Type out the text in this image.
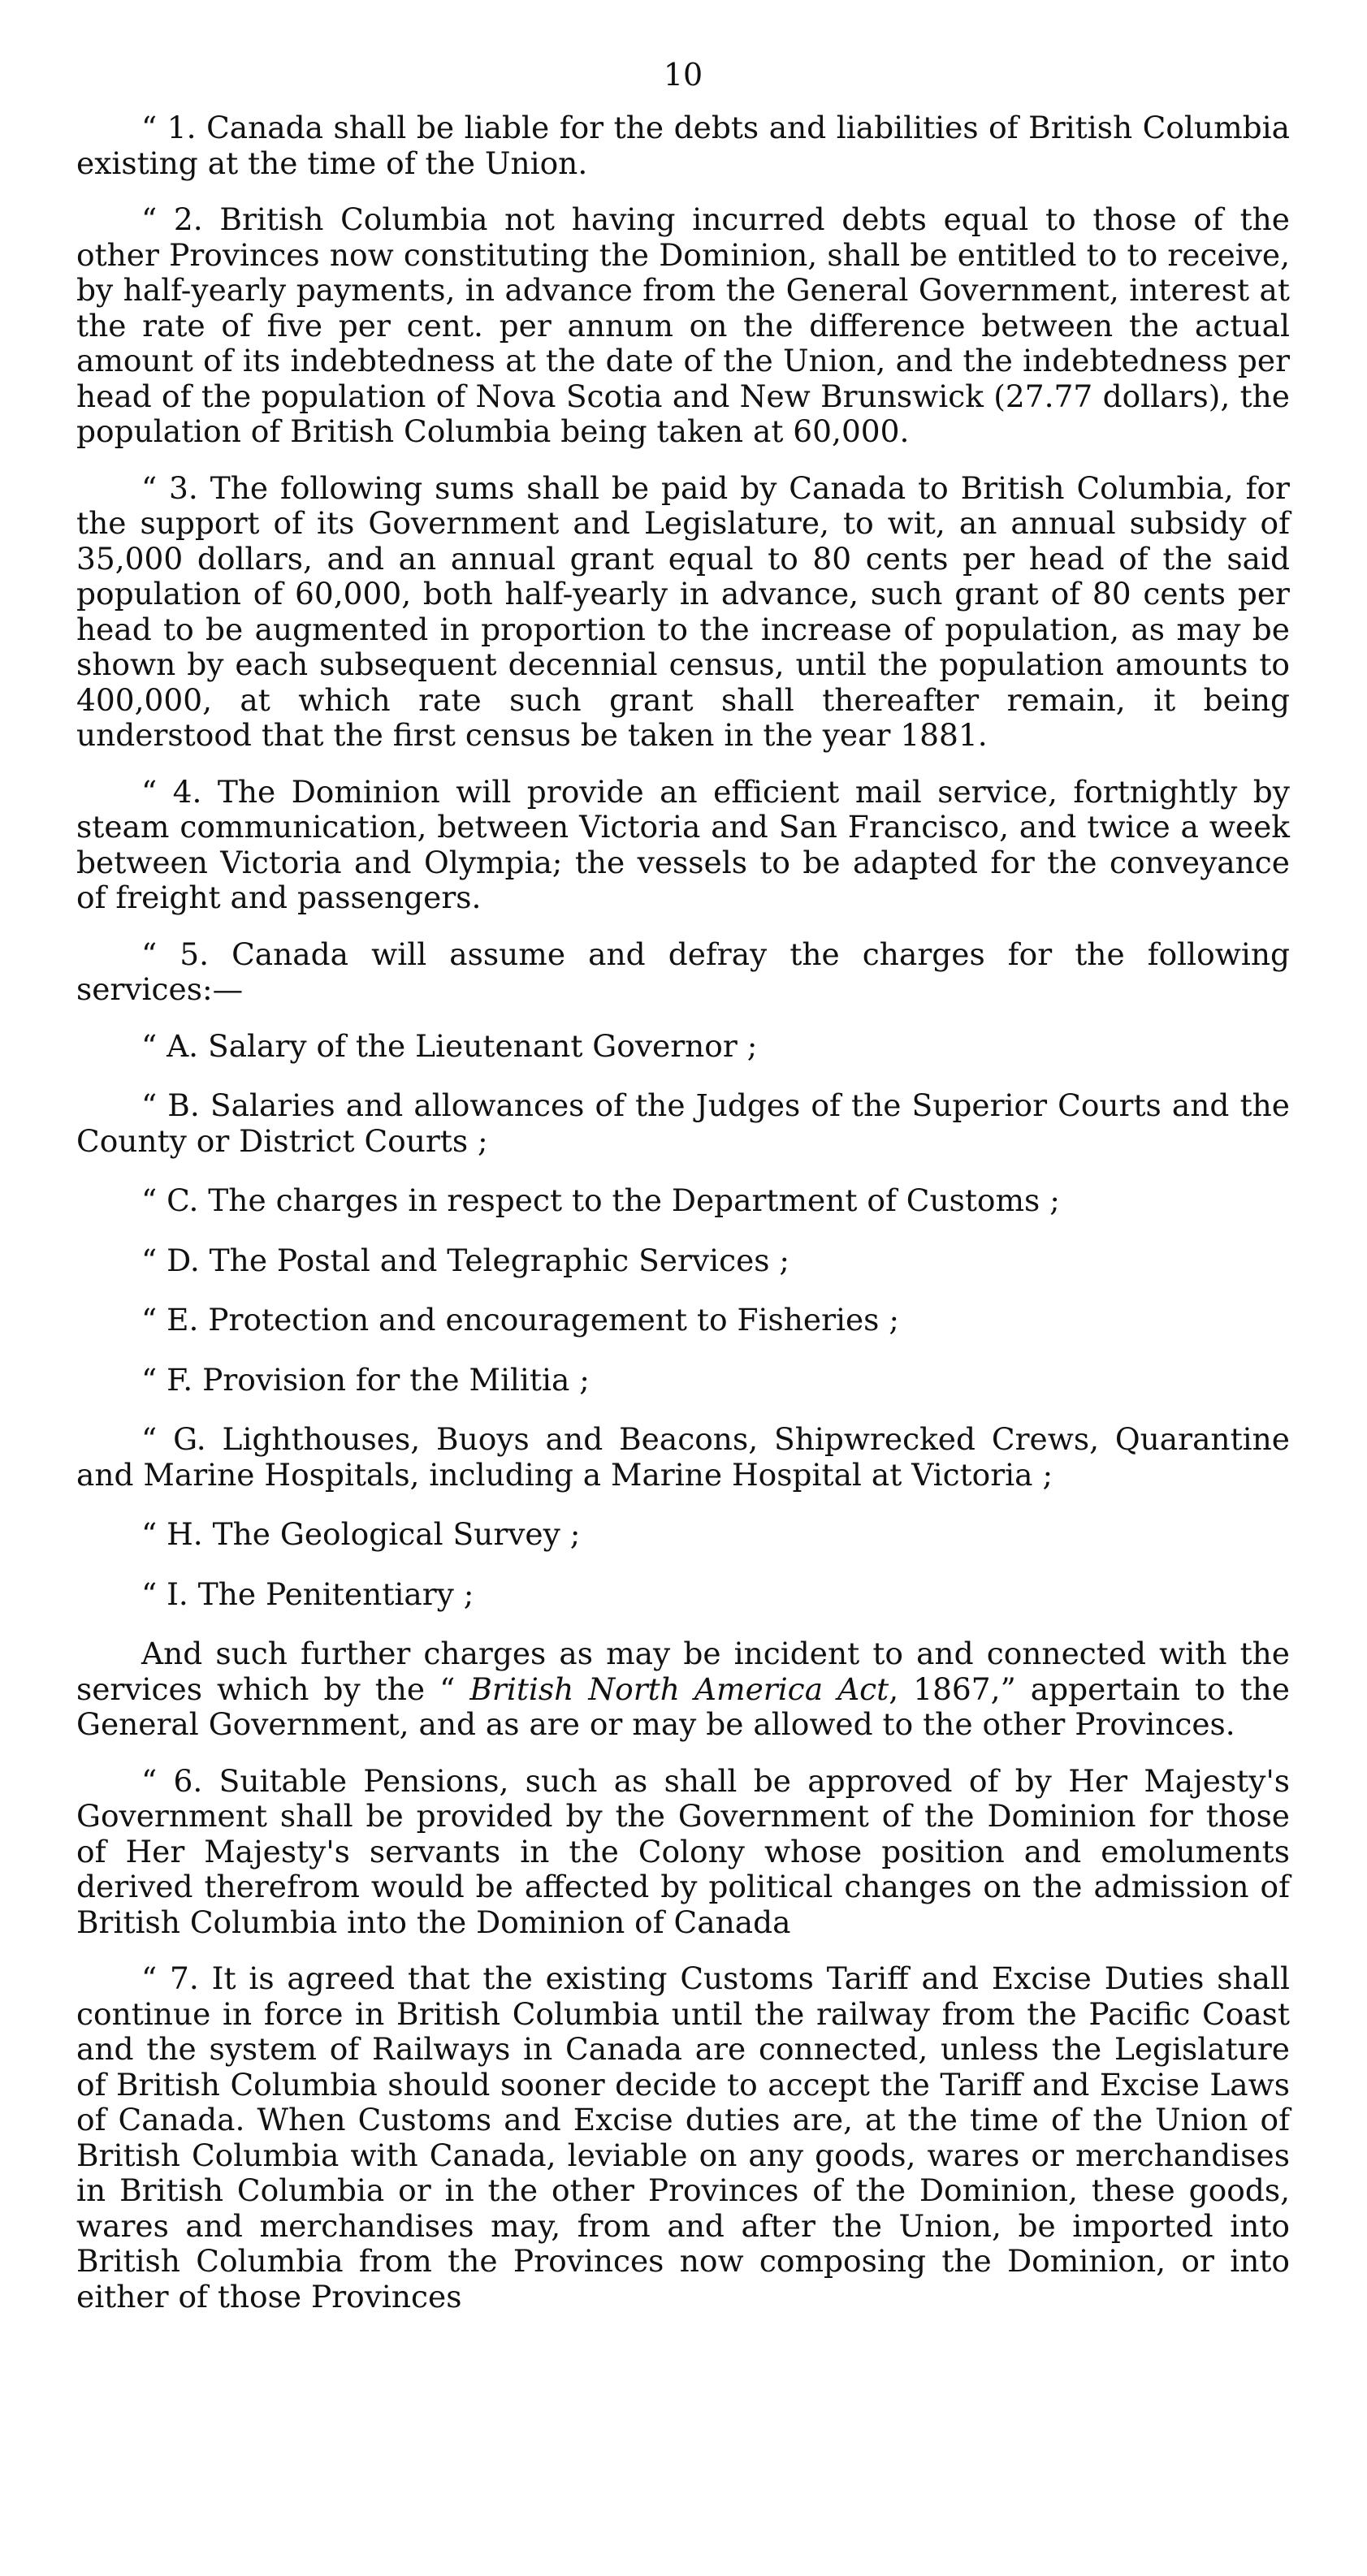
10

“ 1. Canada shall be liable for the debts and liabilities of British Columbia existing at the time of the Union.

“ 2. British Columbia not having incurred debts equal to those of the other Provinces now constituting the Dominion, shall be entitled to to receive, by half-yearly payments, in advance from the General Government, interest at the rate of five per cent. per annum on the difference between the actual amount of its indebtedness at the date of the Union, and the indebtedness per head of the population of Nova Scotia and New Brunswick (27.77 dollars), the population of British Columbia being taken at 60,000.

“ 3. The following sums shall be paid by Canada to British Columbia, for the support of its Government and Legislature, to wit, an annual subsidy of 35,000 dollars, and an annual grant equal to 80 cents per head of the said population of 60,000, both half-yearly in advance, such grant of 80 cents per head to be augmented in proportion to the increase of population, as may be shown by each subsequent decennial census, until the population amounts to 400,000, at which rate such grant shall thereafter remain, it being understood that the first census be taken in the year 1881.

“ 4. The Dominion will provide an efficient mail service, fortnightly by steam communication, between Victoria and San Francisco, and twice a week between Victoria and Olympia; the vessels to be adapted for the conveyance of freight and passengers.

“ 5. Canada will assume and defray the charges for the following services:—

“ A. Salary of the Lieutenant Governor ;

“ B. Salaries and allowances of the Judges of the Superior Courts and the County or District Courts ;

“ C. The charges in respect to the Department of Customs ;

“ D. The Postal and Telegraphic Services ;

“ E. Protection and encouragement to Fisheries ;

“ F. Provision for the Militia ;

“ G. Lighthouses, Buoys and Beacons, Shipwrecked Crews, Quarantine and Marine Hospitals, including a Marine Hospital at Victoria ;

“ H. The Geological Survey ;

“ I. The Penitentiary ;

And such further charges as may be incident to and connected with the services which by the “ British North America Act, 1867,” appertain to the General Government, and as are or may be allowed to the other Provinces.

“ 6. Suitable Pensions, such as shall be approved of by Her Majesty's Government shall be provided by the Government of the Dominion for those of Her Majesty's servants in the Colony whose position and emoluments derived therefrom would be affected by political changes on the admission of British Columbia into the Dominion of Canada

“ 7. It is agreed that the existing Customs Tariff and Excise Duties shall continue in force in British Columbia until the railway from the Pacific Coast and the system of Railways in Canada are connected, unless the Legislature of British Columbia should sooner decide to accept the Tariff and Excise Laws of Canada. When Customs and Excise duties are, at the time of the Union of British Columbia with Canada, leviable on any goods, wares or merchandises in British Columbia or in the other Provinces of the Dominion, these goods, wares and merchandises may, from and after the Union, be imported into British Columbia from the Provinces now composing the Dominion, or into either of those Provinces
